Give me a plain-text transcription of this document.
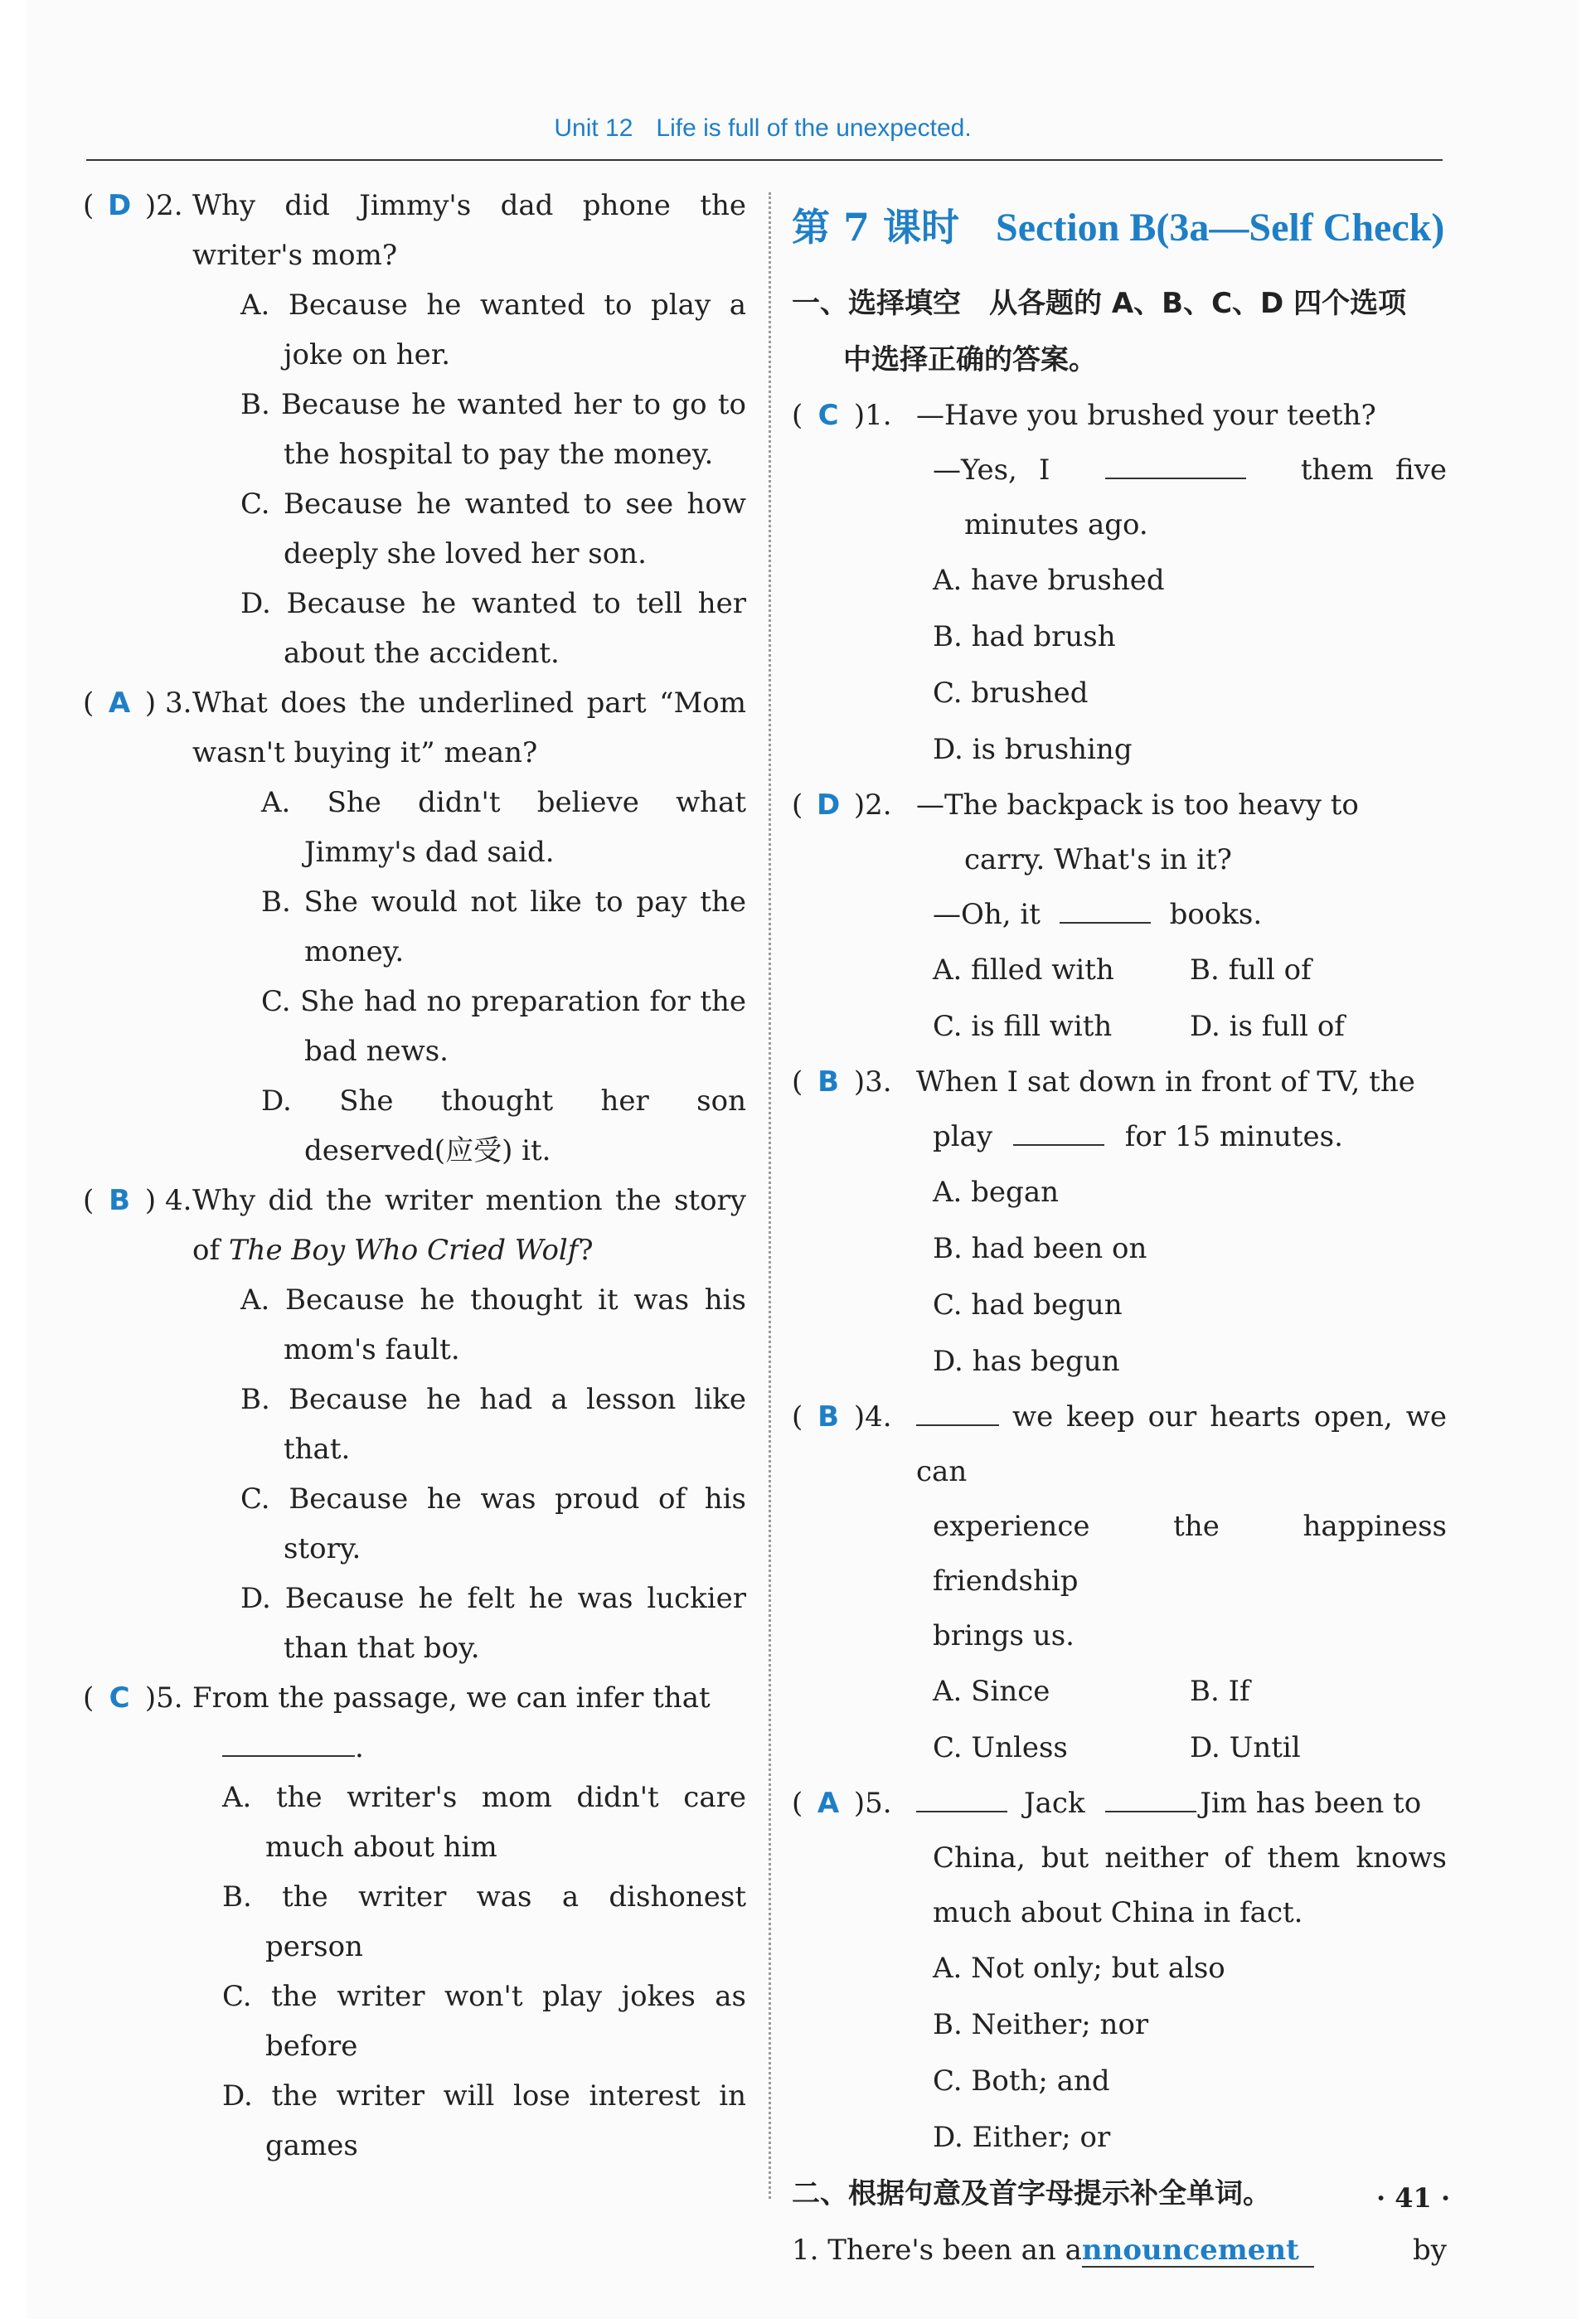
Unit 12 Life is full of the unexpected.
( D )2. Why did Jimmy's dad phone the writer's mom?
A. Because he wanted to play a joke on her.
B. Because he wanted her to go to the hospital to pay the money.
C. Because he wanted to see how deeply she loved her son.
D. Because he wanted to tell her about the accident.
( A ) 3. What does the underlined part “Mom wasn't buying it” mean?
A. She didn't believe what Jimmy's dad said.
B. She would not like to pay the money.
C. She had no preparation for the bad news.
D. She thought her son deserved(应受) it.
( B ) 4. Why did the writer mention the story of The Boy Who Cried Wolf?
A. Because he thought it was his mom's fault.
B. Because he had a lesson like that.
C. Because he was proud of his story.
D. Because he felt he was luckier than that boy.
( C )5. From the passage, we can infer that
.
A. the writer's mom didn't care much about him
B. the writer was a dishonest person
C. the writer won't play jokes as before
D. the writer will lose interest in games
第 7 课时 Section B(3a—Self Check)
一、选择填空　从各题的 A、B、C、D 四个选项
中选择正确的答案。
( C )1. —Have you brushed your teeth?
—Yes, I	them five
minutes ago.
A. have brushed
B. had brush
C. brushed
D. is brushing
( D )2. —The backpack is too heavy to
carry. What's in it?
—Oh, it	books.
A. filled with	B. full of
C. is fill with	D. is full of
( B )3. When I sat down in front of TV, the
play	for 15 minutes.
A. began
B. had been on
C. had begun
D. has begun
( B )4.	we keep our hearts open, we can
experience the happiness friendship
brings us.
A. Since	B. If
C. Unless	D. Until
( A )5.	Jack	Jim has been to
China, but neither of them knows
much about China in fact.
A. Not only; but also
B. Neither; nor
C. Both; and
D. Either; or
二、根据句意及首字母提示补全单词。
1. There's been an announcement	by
· 41 ·
